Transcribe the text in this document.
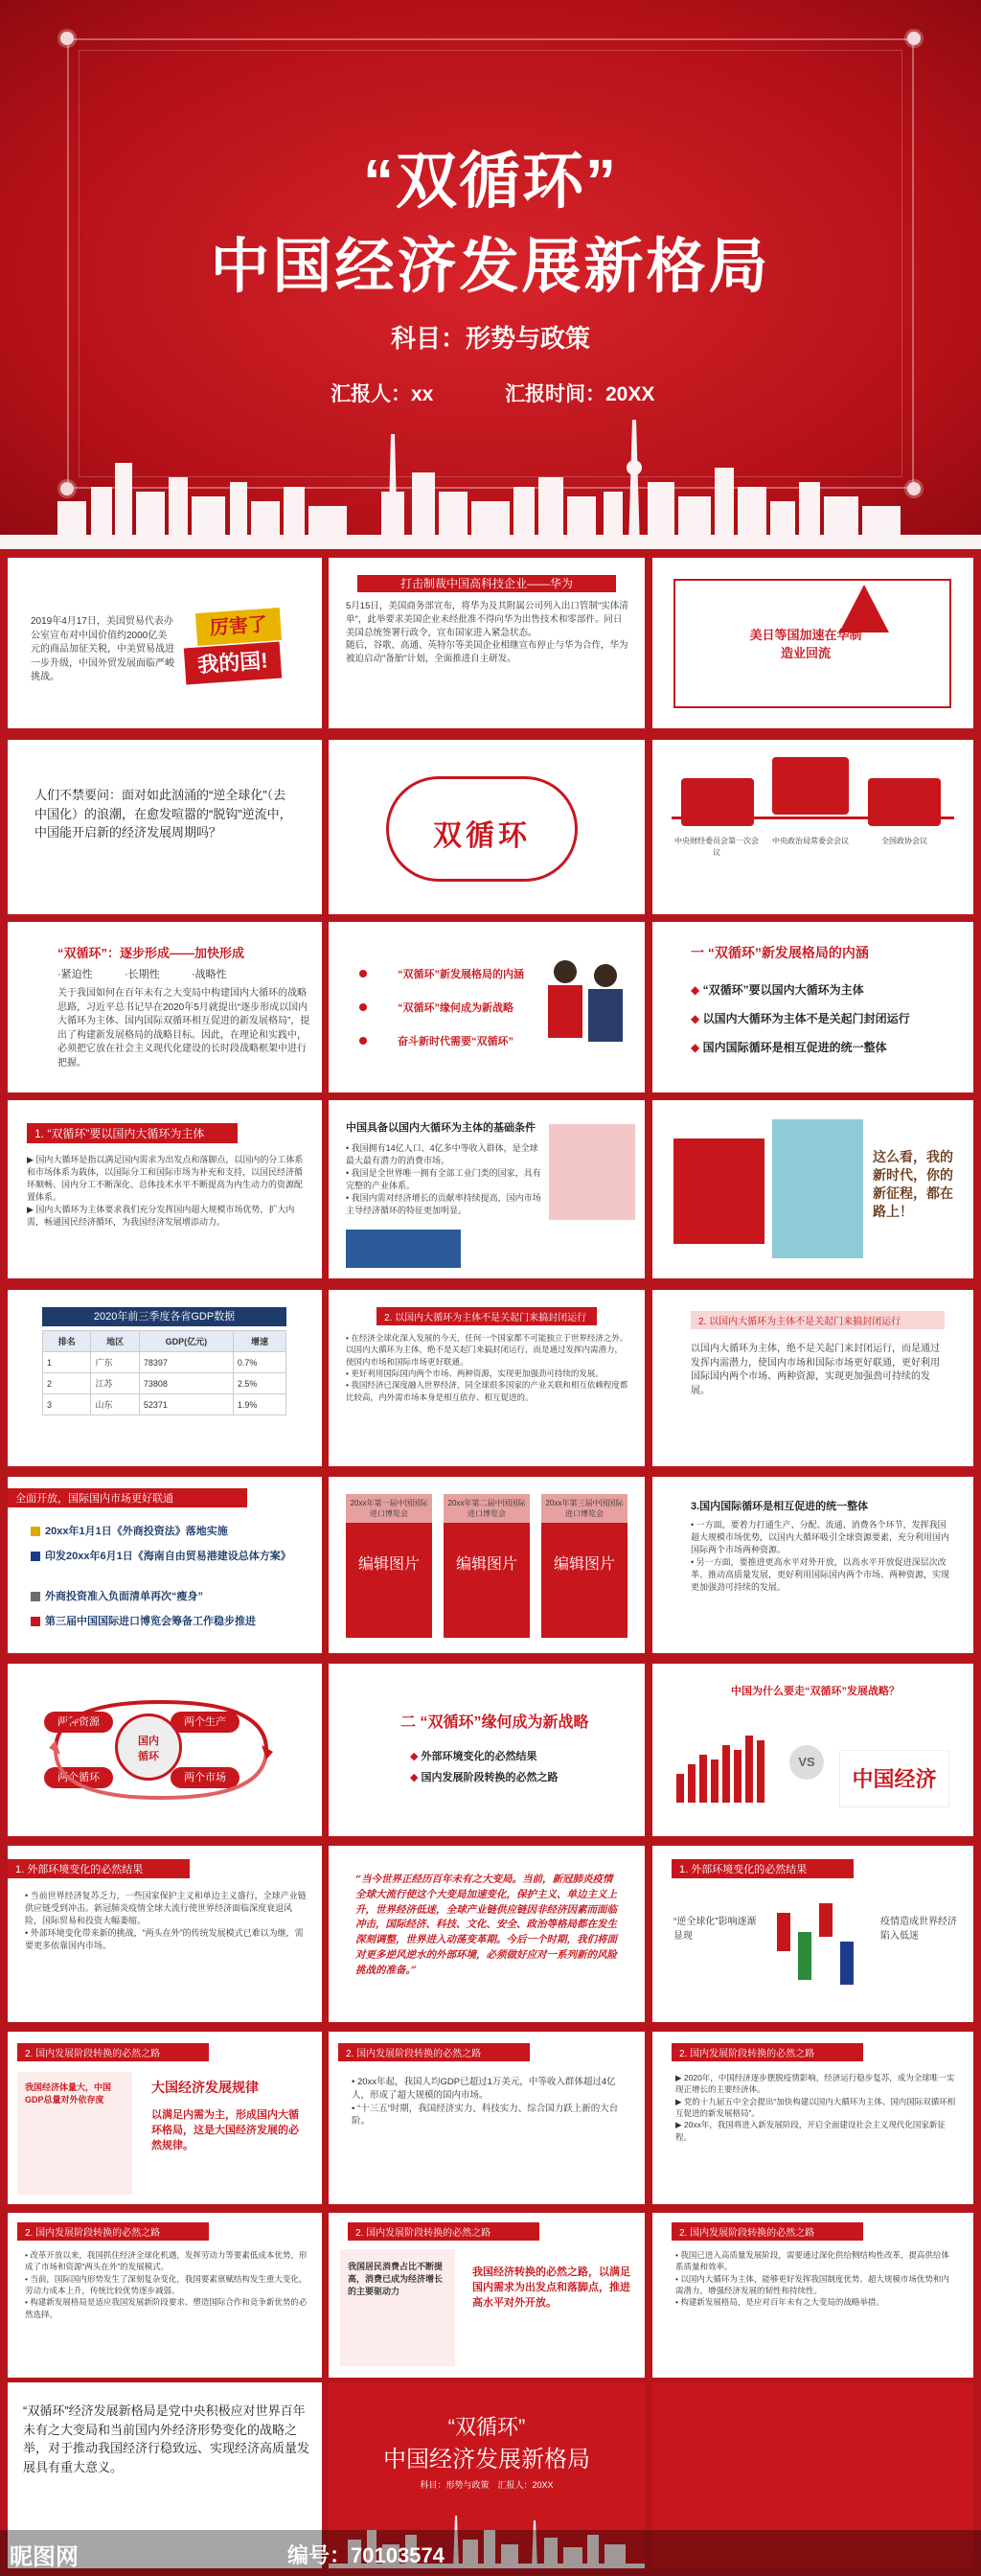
“双循环”
中国经济发展新格局
科目：形势与政策
汇报人：xx	汇报时间：20XX
2019年4月17日，美国贸易代表办公室宣布对中国价值约2000亿美元的商品加征关税，中美贸易战进一步升级，中国外贸发展面临严峻挑战。
厉害了
我的国!
打击制裁中国高科技企业——华为
5月15日，美国商务部宣布，将华为及其附属公司列入出口管制"实体清单"，此举要求美国企业未经批准不得向华为出售技术和零部件。同日美国总统签署行政令，宣布国家进入紧急状态。
随后，谷歌、高通、英特尔等美国企业相继宣布停止与华为合作，华为被迫启动"备胎"计划，全面推进自主研发。
美日等国加速在华制造业回流
人们不禁要问：面对如此汹涌的“逆全球化”（去中国化）的浪潮，在愈发喧嚣的“脱钩”逆流中，中国能开启新的经济发展周期吗？	双循环	中央财经委员会第一次会议
中央政治局常委会会议	全国政协会议
“双循环”：逐步形成——加快形成
·紧迫性	·长期性	·战略性
关于我国如何在百年未有之大变局中构建国内大循环的战略思路，习近平总书记早在2020年5月就提出“逐步形成以国内大循环为主体、国内国际双循环相互促进的新发展格局”，提出了构建新发展格局的战略目标。因此，在理论和实践中，必须把它放在社会主义现代化建设的长时段战略框架中进行把握。
“双循环”新发展格局的内涵
“双循环”缘何成为新战略
奋斗新时代需要“双循环”
一 “双循环”新发展格局的内涵
◆ “双循环”要以国内大循环为主体
◆ 以国内大循环为主体不是关起门封闭运行
◆ 国内国际循环是相互促进的统一整体
1. “双循环”要以国内大循环为主体
▶ 国内大循环是指以满足国内需求为出发点和落脚点，以国内的分工体系和市场体系为载体，以国际分工和国际市场为补充和支持，以国民经济循环顺畅、国内分工不断深化、总体技术水平不断提高为内生动力的资源配置体系。
▶ 国内大循环为主体要求我们充分发挥国内超大规模市场优势，扩大内需，畅通国民经济循环，为我国经济发展增添动力。
中国具备以国内大循环为主体的基础条件
• 我国拥有14亿人口、4亿多中等收入群体，是全球最大最有潜力的消费市场。
• 我国是全世界唯一拥有全部工业门类的国家，具有完整的产业体系。
• 我国内需对经济增长的贡献率持续提高，国内市场主导经济循环的特征更加明显。
这么看，我的新时代，你的新征程，都在路上！
2020年前三季度各省GDP数据
排名	地区	GDP(亿元)	增速
1	广东	78397	0.7%
2	江苏	73808	2.5%
3	山东	52371	1.9%
2. 以国内大循环为主体不是关起门来搞封闭运行
• 在经济全球化深入发展的今天，任何一个国家都不可能独立于世界经济之外。以国内大循环为主体，绝不是关起门来搞封闭运行，而是通过发挥内需潜力，使国内市场和国际市场更好联通。
• 更好利用国际国内两个市场、两种资源，实现更加强劲可持续的发展。
• 我国经济已深度融入世界经济，同全球很多国家的产业关联和相互依赖程度都比较高，内外需市场本身是相互依存、相互促进的。
2. 以国内大循环为主体不是关起门来搞封闭运行
以国内大循环为主体，绝不是关起门来封闭运行，而是通过发挥内需潜力，使国内市场和国际市场更好联通，更好利用国际国内两个市场、两种资源，实现更加强劲可持续的发展。
全面开放，国际国内市场更好联通
20xx年1月1日《外商投资法》落地实施
印发20xx年6月1日《海南自由贸易港建设总体方案》
外商投资准入负面清单再次“瘦身”
第三届中国国际进口博览会筹备工作稳步推进
20xx年第一届中国国际进口博览会
编辑图片
20xx年第二届中国国际进口博览会
编辑图片
20xx年第三届中国国际进口博览会
编辑图片
3.国内国际循环是相互促进的统一整体
• 一方面，要着力打通生产、分配、流通、消费各个环节，发挥我国超大规模市场优势，以国内大循环吸引全球资源要素，充分利用国内国际两个市场两种资源。
• 另一方面，要推进更高水平对外开放，以高水平开放促进深层次改革、推动高质量发展，更好利用国际国内两个市场、两种资源，实现更加强劲可持续的发展。
国内
循环
两种资源	两个生产
两个循环	两个市场
二 “双循环”缘何成为新战略
◆ 外部环境变化的必然结果
◆ 国内发展阶段转换的必然之路
中国为什么要走“双循环”发展战略？
VS
中国经济
1. 外部环境变化的必然结果
• 当前世界经济复苏乏力，一些国家保护主义和单边主义盛行，全球产业链供应链受到冲击。新冠肺炎疫情全球大流行使世界经济面临深度衰退风险，国际贸易和投资大幅萎缩。
• 外部环境变化带来新的挑战，“两头在外”的传统发展模式已难以为继，需要更多依靠国内市场。
“当今世界正经历百年未有之大变局。当前，新冠肺炎疫情全球大流行使这个大变局加速变化，保护主义、单边主义上升，世界经济低迷，全球产业链供应链因非经济因素而面临冲击，国际经济、科技、文化、安全、政治等格局都在发生深刻调整，世界进入动荡变革期。今后一个时期，我们将面对更多逆风逆水的外部环境，必须做好应对一系列新的风险挑战的准备。”
1. 外部环境变化的必然结果
“逆全球化”影响逐渐显现
疫情造成世界经济陷入低迷
2. 国内发展阶段转换的必然之路
大国经济发展规律
我国经济体量大，中国GDP总量对外依存度
以满足内需为主，形成国内大循环格局，这是大国经济发展的必然规律。
2. 国内发展阶段转换的必然之路
• 20xx年起，我国人均GDP已超过1万美元，中等收入群体超过4亿人，形成了超大规模的国内市场。
• “十三五”时期，我国经济实力、科技实力、综合国力跃上新的大台阶。
2. 国内发展阶段转换的必然之路
▶ 2020年，中国经济逐步摆脱疫情影响，经济运行稳步复苏，成为全球唯一实现正增长的主要经济体。
▶ 党的十九届五中全会提出“加快构建以国内大循环为主体、国内国际双循环相互促进的新发展格局”。
▶ 20xx年，我国将进入新发展阶段，开启全面建设社会主义现代化国家新征程。
2. 国内发展阶段转换的必然之路
• 改革开放以来，我国抓住经济全球化机遇，发挥劳动力等要素低成本优势，形成了市场和资源“两头在外”的发展模式。
• 当前，国际国内形势发生了深刻复杂变化，我国要素禀赋结构发生重大变化，劳动力成本上升，传统比较优势逐步减弱。
• 构建新发展格局是适应我国发展新阶段要求、塑造国际合作和竞争新优势的必然选择。
2. 国内发展阶段转换的必然之路
我国居民消费占比不断提高，消费已成为经济增长的主要驱动力
我国经济转换的必然之路，以满足国内需求为出发点和落脚点，推进高水平对外开放。
2. 国内发展阶段转换的必然之路
• 我国已进入高质量发展阶段，需要通过深化供给侧结构性改革，提高供给体系质量和效率。
• 以国内大循环为主体，能够更好发挥我国制度优势、超大规模市场优势和内需潜力，增强经济发展的韧性和持续性。
• 构建新发展格局，是应对百年未有之大变局的战略举措。
“双循环”经济发展新格局是党中央积极应对世界百年未有之大变局和当前国内外经济形势变化的战略之举，对于推动我国经济行稳致远、实现经济高质量发展具有重大意义。
“双循环”
中国经济发展新格局
科目：形势与政策　汇报人：20XX
昵图网	编号：70103574
